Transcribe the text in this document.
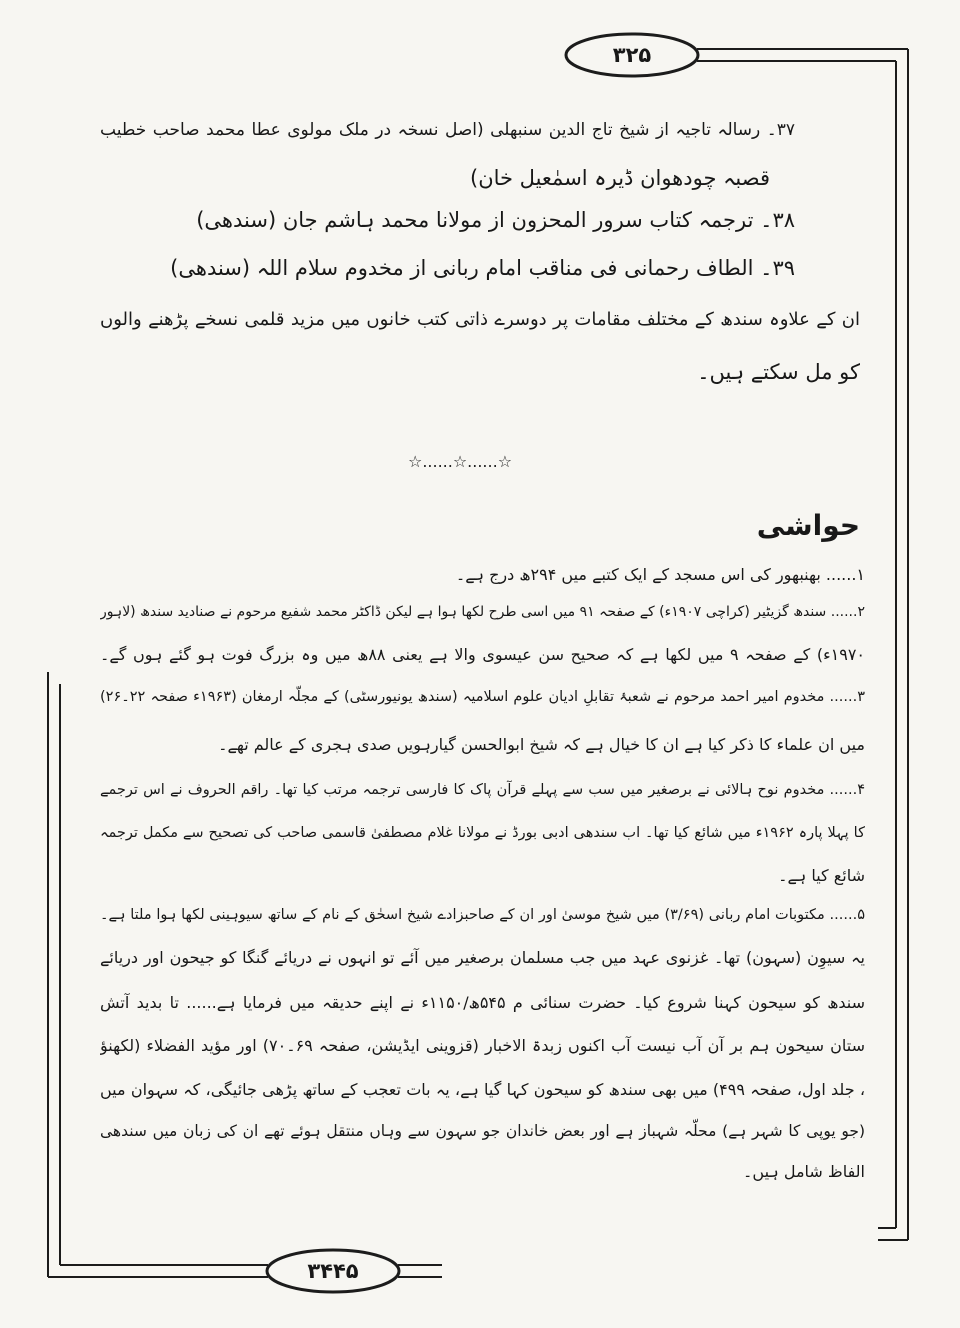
۳۲۵
۳۷۔ رسالہ تاجیہ از شیخ تاج الدین سنبھلی (اصل نسخہ در ملک مولوی عطا محمد صاحب خطیب
قصبہ چودھوان ڈیرہ اسمٰعیل خان)
۳۸۔ ترجمہ کتاب سرور المحزون از مولانا محمد ہاشم جان (سندھی)
۳۹۔ الطاف رحمانی فی مناقب امام ربانی از مخدوم سلام اللہ (سندھی)
ان کے علاوہ سندھ کے مختلف مقامات پر دوسرے ذاتی کتب خانوں میں مزید قلمی نسخے پڑھنے والوں
کو مل سکتے ہیں۔
☆......☆......☆
حواشی
۱...... بھنبھور کی اس مسجد کے ایک کتبے میں ۲۹۴ھ درج ہے۔
۲...... سندھ گزیٹیر (کراچی ۱۹۰۷ء) کے صفحہ ۹۱ میں اسی طرح لکھا ہوا ہے لیکن ڈاکٹر محمد شفیع مرحوم نے صنادید سندھ (لاہور
۱۹۷۰ء) کے صفحہ ۹ میں لکھا ہے کہ صحیح سن عیسوی والا ہے یعنی ۸۸ھ میں وہ بزرگ فوت ہو گئے ہوں گے۔
۳...... مخدوم امیر احمد مرحوم نے شعبۂ تقابلِ ادیان علوم اسلامیہ (سندھ یونیورسٹی) کے مجلّہ ارمغان (۱۹۶۳ء صفحہ ۲۲۔۲۶)
میں ان علماء کا ذکر کیا ہے ان کا خیال ہے کہ شیخ ابوالحسن گیارہویں صدی ہجری کے عالم تھے۔
۴...... مخدوم نوح ہالائی نے برصغیر میں سب سے پہلے قرآن پاک کا فارسی ترجمہ مرتب کیا تھا۔ راقم الحروف نے اس ترجمے
کا پہلا پارہ ۱۹۶۲ء میں شائع کیا تھا۔ اب سندھی ادبی بورڈ نے مولانا غلام مصطفیٰ قاسمی صاحب کی تصحیح سے مکمل ترجمہ
شائع کیا ہے۔
۵...... مکتوبات امام ربانی (۳/۶۹) میں شیخ موسیٰ اور ان کے صاحبزادے شیخ اسحٰق کے نام کے ساتھ سیوہینی لکھا ہوا ملتا ہے۔
یہ سیوِن (سہون) تھا۔ غزنوی عہد میں جب مسلمان برصغیر میں آئے تو انہوں نے دریائے گنگا کو جیحون اور دریائے
سندھ کو سیحون کہنا شروع کیا۔ حضرت سنائی م ۵۴۵ھ/۱۱۵۰ء نے اپنے حدیقہ میں فرمایا ہے...... تا بدید آتش
ستان سیحون ہم بر آن آب نیست آب اکنوں زبدۃ الاخبار (قزوینی ایڈیشن، صفحہ ۶۹۔۷۰) اور مؤید الفضلاء (لکھنؤ
، جلد اول، صفحہ ۴۹۹) میں بھی سندھ کو سیحون کہا گیا ہے، یہ بات تعجب کے ساتھ پڑھی جائیگی، کہ سہوان میں
(جو یوپی کا شہر ہے) محلّہ شہباز ہے اور بعض خاندان جو سہون سے وہاں منتقل ہوئے تھے ان کی زبان میں سندھی
الفاظ شامل ہیں۔
۳۴۴۵
